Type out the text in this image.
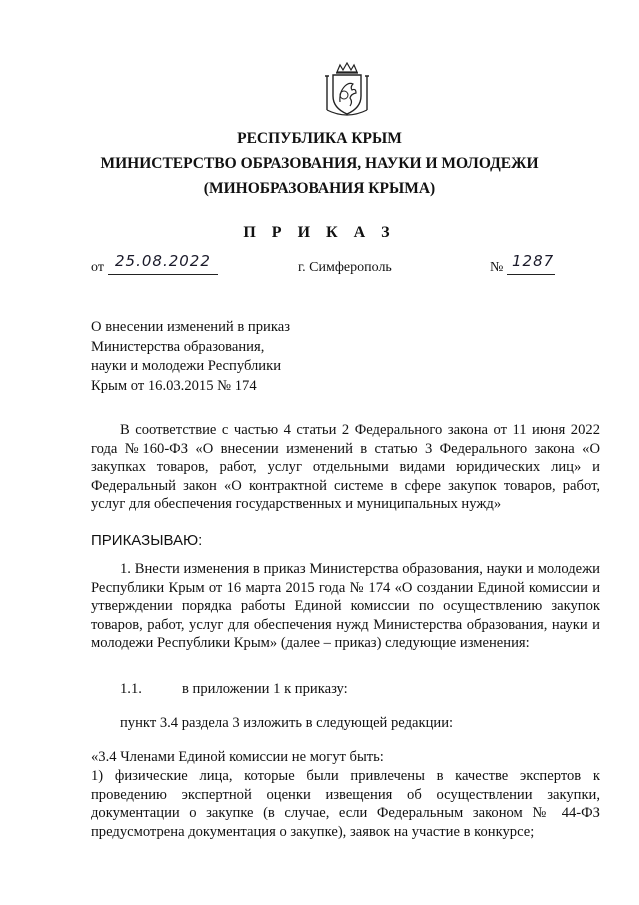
РЕСПУБЛИКА КРЫМ
МИНИСТЕРСТВО ОБРАЗОВАНИЯ, НАУКИ И МОЛОДЕЖИ
(МИНОБРАЗОВАНИЯ КРЫМА)
П Р И К А З
от 25.08.2022	г. Симферополь	№ 1287
О внесении изменений в приказ
Министерства образования,
науки и молодежи Республики
Крым от 16.03.2015 № 174
В соответствие с частью 4 статьи 2 Федерального закона от 11 июня 2022 года №160-ФЗ «О внесении изменений в статью 3 Федерального закона «О закупках товаров, работ, услуг отдельными видами юридических лиц» и Федеральный закон «О контрактной системе в сфере закупок товаров, работ, услуг для обеспечения государственных и муниципальных нужд»
ПРИКАЗЫВАЮ:
1. Внести изменения в приказ Министерства образования, науки и молодежи Республики Крым от 16 марта 2015 года № 174 «О создании Единой комиссии и утверждении порядка работы Единой комиссии по осуществлению закупок товаров, работ, услуг для обеспечения нужд Министерства образования, науки и молодежи Республики Крым» (далее – приказ) следующие изменения:
1.1.	в приложении 1 к приказу:
пункт 3.4 раздела 3 изложить в следующей редакции:
«3.4 Членами Единой комиссии не могут быть:
1) физические лица, которые были привлечены в качестве экспертов к проведению экспертной оценки извещения об осуществлении закупки, документации о закупке (в случае, если Федеральным законом № 44-ФЗ предусмотрена документация о закупке), заявок на участие в конкурсе;
